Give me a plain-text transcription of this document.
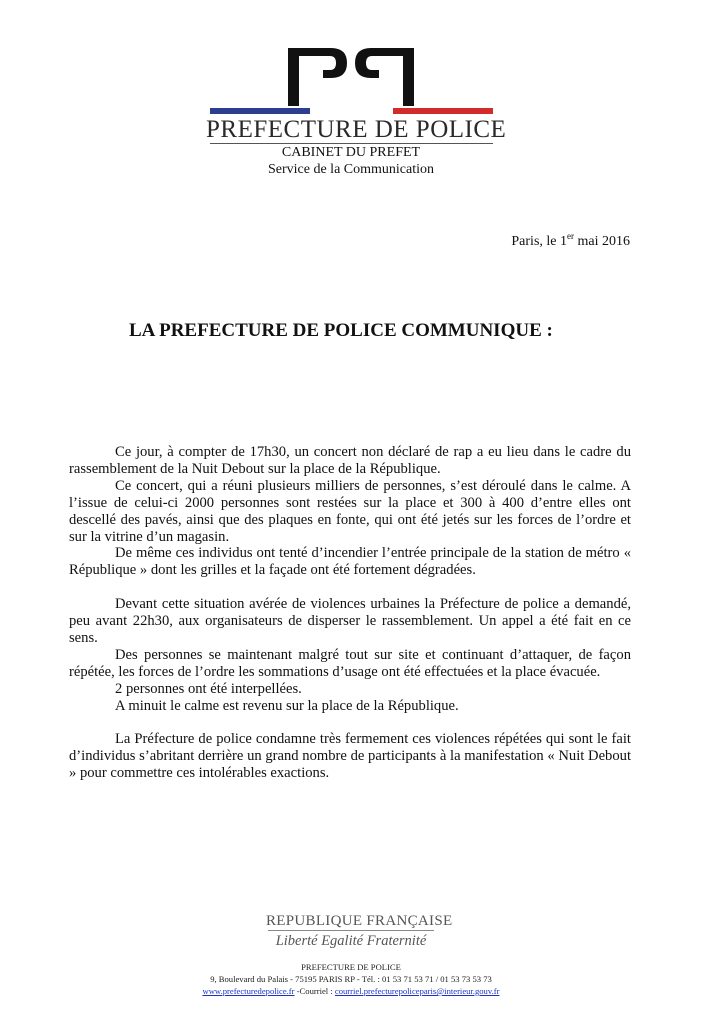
PREFECTURE DE POLICE
CABINET DU PREFET
Service de la Communication
Paris, le 1er mai 2016
LA PREFECTURE DE POLICE COMMUNIQUE :

Ce jour, à compter de 17h30, un concert non déclaré de rap a eu lieu dans le cadre du rassemblement de la Nuit Debout sur la place de la République.

Ce concert, qui a réuni plusieurs milliers de personnes, s’est déroulé dans le calme. A l’issue de celui-ci 2000 personnes sont restées sur la place et 300 à 400 d’entre elles ont descellé des pavés, ainsi que des plaques en fonte, qui ont été jetés sur les forces de l’ordre et sur la vitrine d’un magasin.

De même ces individus ont tenté d’incendier l’entrée principale de la station de métro « République » dont les grilles et la façade ont été fortement dégradées.

Devant cette situation avérée de violences urbaines la Préfecture de police a demandé, peu avant 22h30, aux organisateurs de disperser le rassemblement. Un appel a été fait en ce sens.

Des personnes se maintenant malgré tout sur site et continuant d’attaquer, de façon répétée, les forces de l’ordre les sommations d’usage ont été effectuées et la place évacuée.

2 personnes ont été interpellées.

A minuit le calme est revenu sur la place de la République.

La Préfecture de police condamne très fermement ces violences répétées qui sont le fait d’individus s’abritant derrière un grand nombre de participants à la manifestation « Nuit Debout » pour commettre ces intolérables exactions.

REPUBLIQUE FRANÇAISE
Liberté Egalité Fraternité
PREFECTURE DE POLICE
9, Boulevard du Palais - 75195 PARIS RP - Tél. : 01 53 71 53 71 / 01 53 73 53 73
www.prefecturedepolice.fr -Courriel : courriel.prefecturepoliceparis@interieur.gouv.fr
